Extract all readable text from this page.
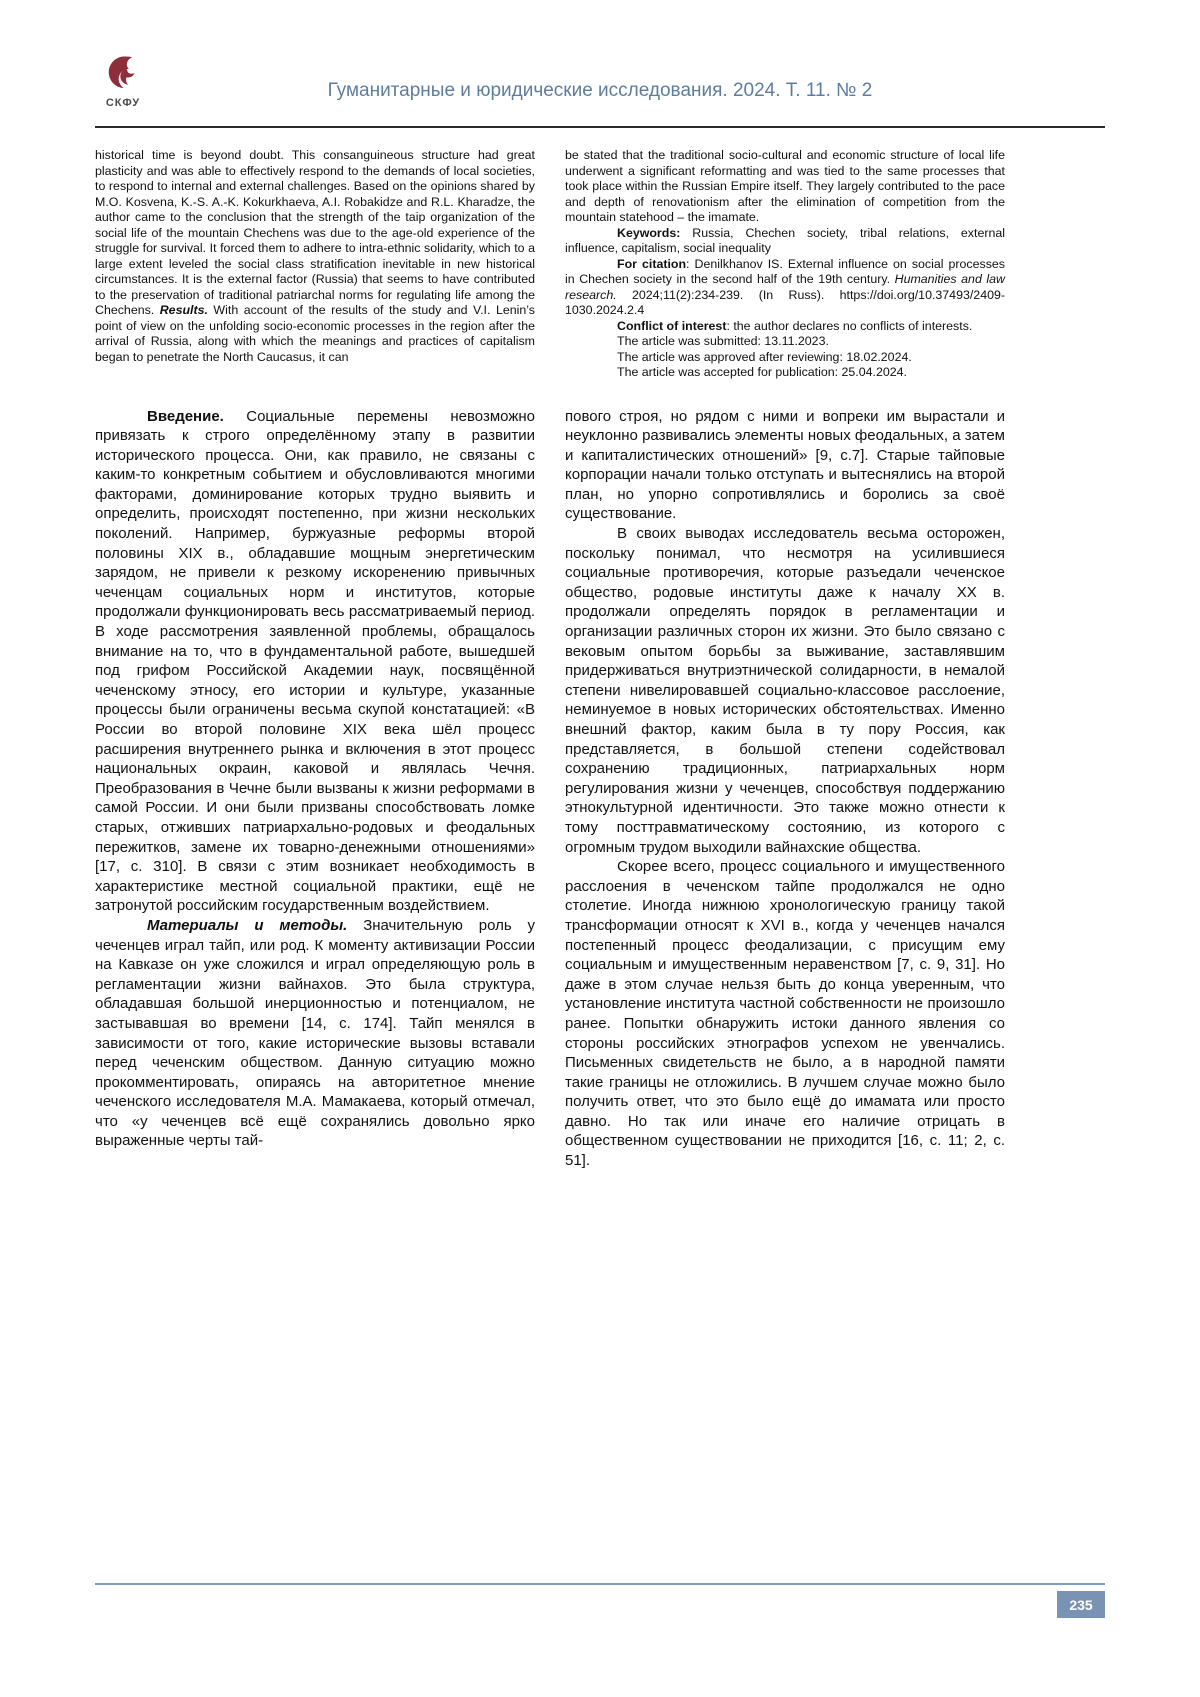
СКФУ
Гуманитарные и юридические исследования. 2024. Т. 11. № 2

historical time is beyond doubt. This consanguineous structure had great plasticity and was able to effectively respond to the demands of local societies, to respond to internal and external challenges. Based on the opinions shared by M.O. Kosvena, K.-S. A.-K. Kokurkhaeva, A.I. Robakidze and R.L. Kharadze, the author came to the conclusion that the strength of the taip organization of the social life of the mountain Chechens was due to the age-old experience of the struggle for survival. It forced them to adhere to intra-ethnic solidarity, which to a large extent leveled the social class stratification inevitable in new historical circumstances. It is the external factor (Russia) that seems to have contributed to the preservation of traditional patriarchal norms for regulating life among the Chechens. Results. With account of the results of the study and V.I. Lenin’s point of view on the unfolding socio-economic processes in the region after the arrival of Russia, along with which the meanings and practices of capitalism began to penetrate the North Caucasus, it can

be stated that the traditional socio-cultural and economic structure of local life underwent a significant reformatting and was tied to the same processes that took place within the Russian Empire itself. They largely contributed to the pace and depth of renovationism after the elimination of competition from the mountain statehood – the imamate.

Keywords: Russia, Chechen society, tribal relations, external influence, capitalism, social inequality

For citation: Denilkhanov IS. External influence on social processes in Chechen society in the second half of the 19th century. Humanities and law research. 2024;11(2):234-239. (In Russ). https://doi.org/10.37493/2409-1030.2024.2.4

Conflict of interest: the author declares no conflicts of interests.

The article was submitted: 13.11.2023.

The article was approved after reviewing: 18.02.2024.

The article was accepted for publication: 25.04.2024.

Введение. Социальные перемены невозможно привязать к строго определённому этапу в развитии исторического процесса. Они, как правило, не связаны с каким-то конкретным событием и обусловливаются многими факторами, доминирование которых трудно выявить и определить, происходят постепенно, при жизни нескольких поколений. Например, буржуазные реформы второй половины XIX в., обладавшие мощным энергетическим зарядом, не привели к резкому искоренению привычных чеченцам социальных норм и институтов, которые продолжали функционировать весь рассматриваемый период. В ходе рассмотрения заявленной проблемы, обращалось внимание на то, что в фундаментальной работе, вышедшей под грифом Российской Академии наук, посвящённой чеченскому этносу, его истории и культуре, указанные процессы были ограничены весьма скупой констатацией: «В России во второй половине XIX века шёл процесс расширения внутреннего рынка и включения в этот процесс национальных окраин, каковой и являлась Чечня. Преобразования в Чечне были вызваны к жизни реформами в самой России. И они были призваны способствовать ломке старых, отживших патриархально-родовых и феодальных пережитков, замене их товарно-денежными отношениями» [17, с. 310]. В связи с этим возникает необходимость в характеристике местной социальной практики, ещё не затронутой российским государственным воздействием.

Материалы и методы. Значительную роль у чеченцев играл тайп, или род. К моменту активизации России на Кавказе он уже сложился и играл определяющую роль в регламентации жизни вайнахов. Это была структура, обладавшая большой инерционностью и потенциалом, не застывавшая во времени [14, с. 174]. Тайп менялся в зависимости от того, какие исторические вызовы вставали перед чеченским обществом. Данную ситуацию можно прокомментировать, опираясь на авторитетное мнение чеченского исследователя М.А. Мамакаева, который отмечал, что «у чеченцев всё ещё сохранялись довольно ярко выраженные черты тай-

пового строя, но рядом с ними и вопреки им вырастали и неуклонно развивались элементы новых феодальных, а затем и капиталистических отношений» [9, с.7]. Старые тайповые корпорации начали только отступать и вытеснялись на второй план, но упорно сопротивлялись и боролись за своё существование.

В своих выводах исследователь весьма осторожен, поскольку понимал, что несмотря на усилившиеся социальные противоречия, которые разъедали чеченское общество, родовые институты даже к началу XX в. продолжали определять порядок в регламентации и организации различных сторон их жизни. Это было связано с вековым опытом борьбы за выживание, заставлявшим придерживаться внутриэтнической солидарности, в немалой степени нивелировавшей социально-классовое расслоение, неминуемое в новых исторических обстоятельствах. Именно внешний фактор, каким была в ту пору Россия, как представляется, в большой степени содействовал сохранению традиционных, патриархальных норм регулирования жизни у чеченцев, способствуя поддержанию этнокультурной идентичности. Это также можно отнести к тому посттравматическому состоянию, из которого с огромным трудом выходили вайнахские общества.

Скорее всего, процесс социального и имущественного расслоения в чеченском тайпе продолжался не одно столетие. Иногда нижнюю хронологическую границу такой трансформации относят к XVI в., когда у чеченцев начался постепенный процесс феодализации, с присущим ему социальным и имущественным неравенством [7, с. 9, 31]. Но даже в этом случае нельзя быть до конца уверенным, что установление института частной собственности не произошло ранее. Попытки обнаружить истоки данного явления со стороны российских этнографов успехом не увенчались. Письменных свидетельств не было, а в народной памяти такие границы не отложились. В лучшем случае можно было получить ответ, что это было ещё до имамата или просто давно. Но так или иначе его наличие отрицать в общественном существовании не приходится [16, с. 11; 2, с. 51].

235
